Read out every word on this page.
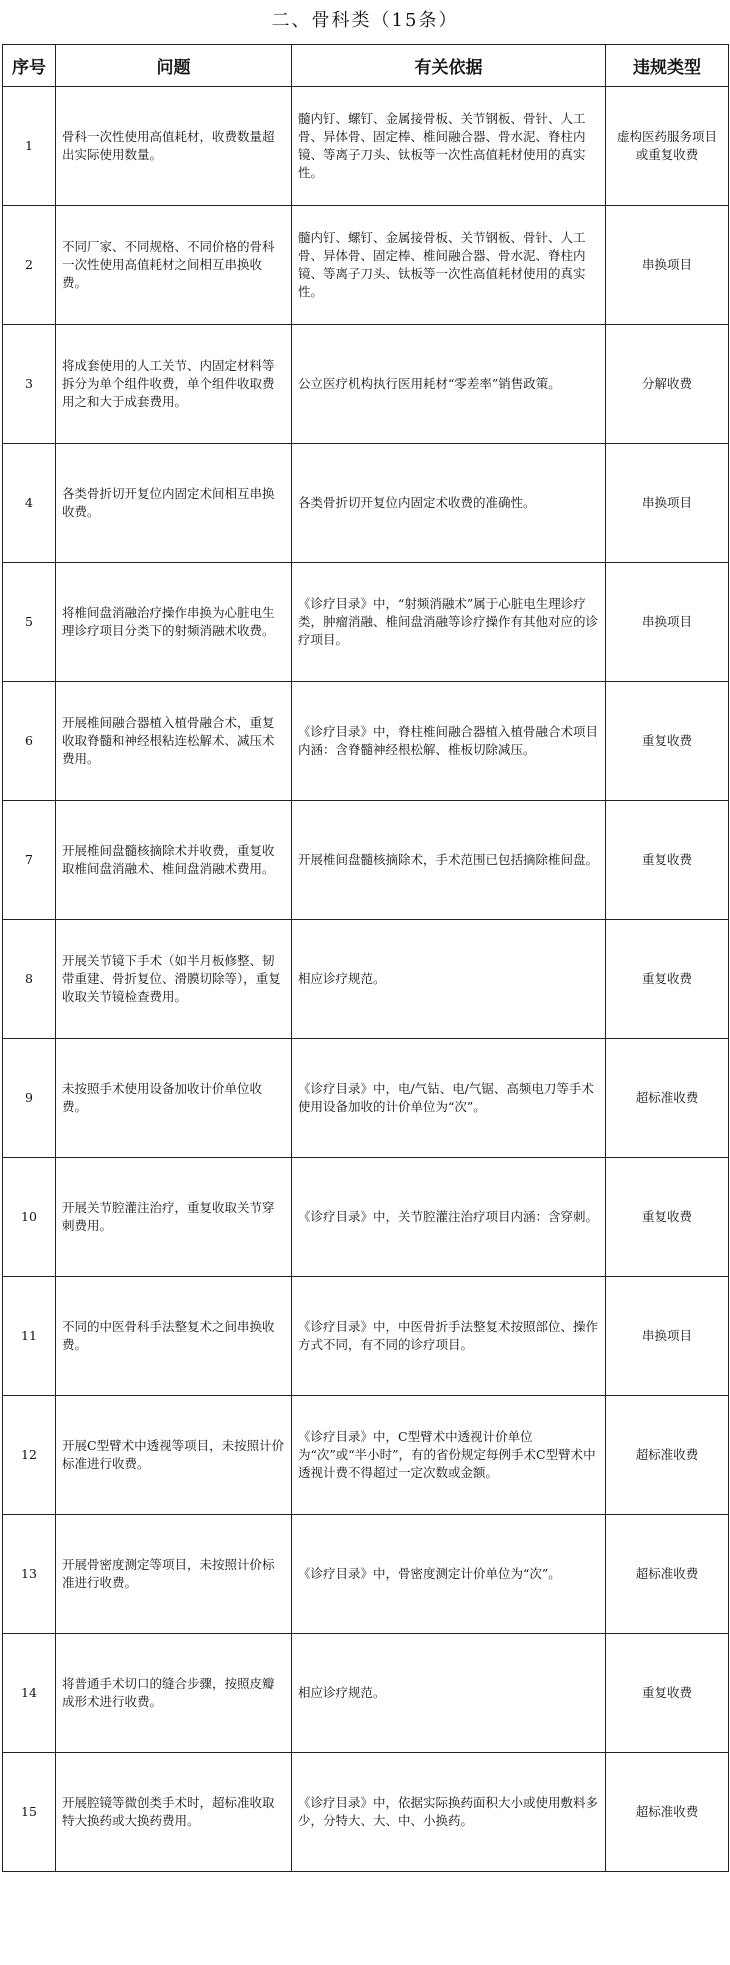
二、骨科类（15条）
序号	问题	有关依据	违规类型
1	骨科一次性使用高值耗材，收费数量超出实际使用数量。	髓内钉、螺钉、金属接骨板、关节钢板、骨针、人工骨、异体骨、固定棒、椎间融合器、骨水泥、脊柱内镜、等离子刀头、钛板等一次性高值耗材使用的真实性。	虚构医药服务项目或重复收费
2	不同厂家、不同规格、不同价格的骨科一次性使用高值耗材之间相互串换收费。	髓内钉、螺钉、金属接骨板、关节钢板、骨针、人工骨、异体骨、固定棒、椎间融合器、骨水泥、脊柱内镜、等离子刀头、钛板等一次性高值耗材使用的真实性。	串换项目
3	将成套使用的人工关节、内固定材料等拆分为单个组件收费，单个组件收取费用之和大于成套费用。	公立医疗机构执行医用耗材“零差率”销售政策。	分解收费
4	各类骨折切开复位内固定术间相互串换收费。	各类骨折切开复位内固定术收费的准确性。	串换项目
5	将椎间盘消融治疗操作串换为心脏电生理诊疗项目分类下的射频消融术收费。	《诊疗目录》中，“射频消融术”属于心脏电生理诊疗类，肿瘤消融、椎间盘消融等诊疗操作有其他对应的诊疗项目。	串换项目
6	开展椎间融合器植入植骨融合术，重复收取脊髓和神经根粘连松解术、减压术费用。	《诊疗目录》中，脊柱椎间融合器植入植骨融合术项目内涵：含脊髓神经根松解、椎板切除减压。	重复收费
7	开展椎间盘髓核摘除术并收费，重复收取椎间盘消融术、椎间盘消融术费用。	开展椎间盘髓核摘除术，手术范围已包括摘除椎间盘。	重复收费
8	开展关节镜下手术（如半月板修整、韧带重建、骨折复位、滑膜切除等），重复收取关节镜检查费用。	相应诊疗规范。	重复收费
9	未按照手术使用设备加收计价单位收费。	《诊疗目录》中，电/气钻、电/气锯、高频电刀等手术使用设备加收的计价单位为“次”。	超标准收费
10	开展关节腔灌注治疗，重复收取关节穿刺费用。	《诊疗目录》中，关节腔灌注治疗项目内涵：含穿刺。	重复收费
11	不同的中医骨科手法整复术之间串换收费。	《诊疗目录》中，中医骨折手法整复术按照部位、操作方式不同，有不同的诊疗项目。	串换项目
12	开展C型臂术中透视等项目，未按照计价标准进行收费。	《诊疗目录》中，C型臂术中透视计价单位为“次”或“半小时”，有的省份规定每例手术C型臂术中透视计费不得超过一定次数或金额。	超标准收费
13	开展骨密度测定等项目，未按照计价标准进行收费。	《诊疗目录》中，骨密度测定计价单位为“次”。	超标准收费
14	将普通手术切口的缝合步骤，按照皮瓣成形术进行收费。	相应诊疗规范。	重复收费
15	开展腔镜等微创类手术时，超标准收取特大换药或大换药费用。	《诊疗目录》中，依据实际换药面积大小或使用敷料多少，分特大、大、中、小换药。	超标准收费
